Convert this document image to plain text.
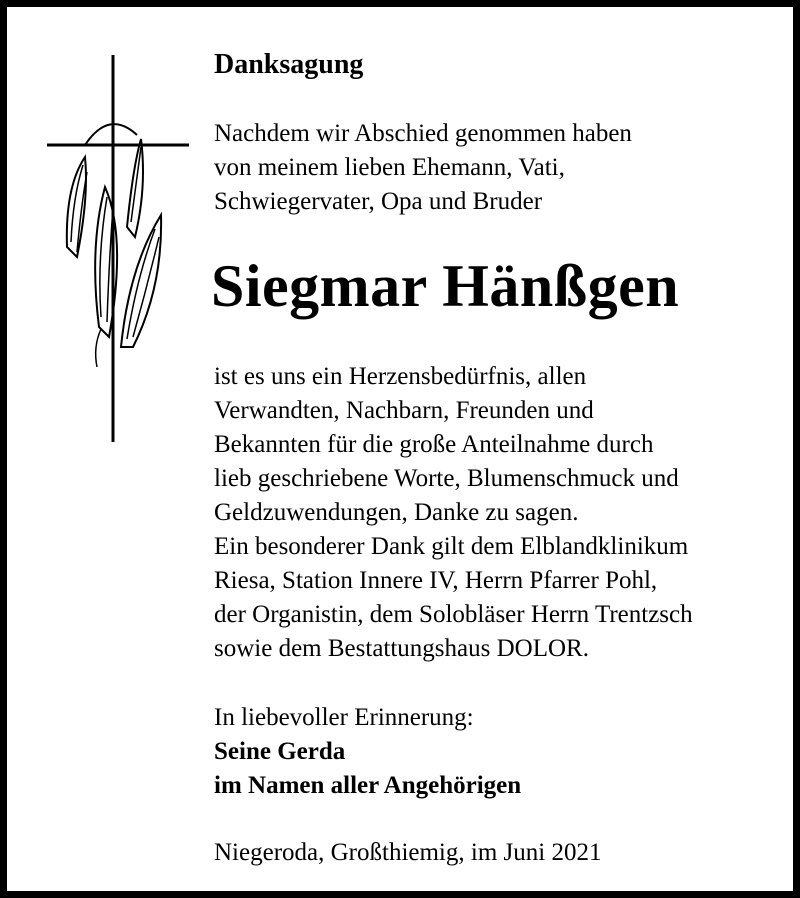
Danksagung
Nachdem wir Abschied genommen haben
von meinem lieben Ehemann, Vati,
Schwiegervater, Opa und Bruder
Siegmar Hänßgen
ist es uns ein Herzensbedürfnis, allen
Verwandten, Nachbarn, Freunden und
Bekannten für die große Anteilnahme durch
lieb geschriebene Worte, Blumenschmuck und
Geldzuwendungen, Danke zu sagen.
Ein besonderer Dank gilt dem Elblandklinikum
Riesa, Station Innere IV, Herrn Pfarrer Pohl,
der Organistin, dem Solobläser Herrn Trentzsch
sowie dem Bestattungshaus DOLOR.
In liebevoller Erinnerung:
Seine Gerda
im Namen aller Angehörigen
Niegeroda, Großthiemig, im Juni 2021
